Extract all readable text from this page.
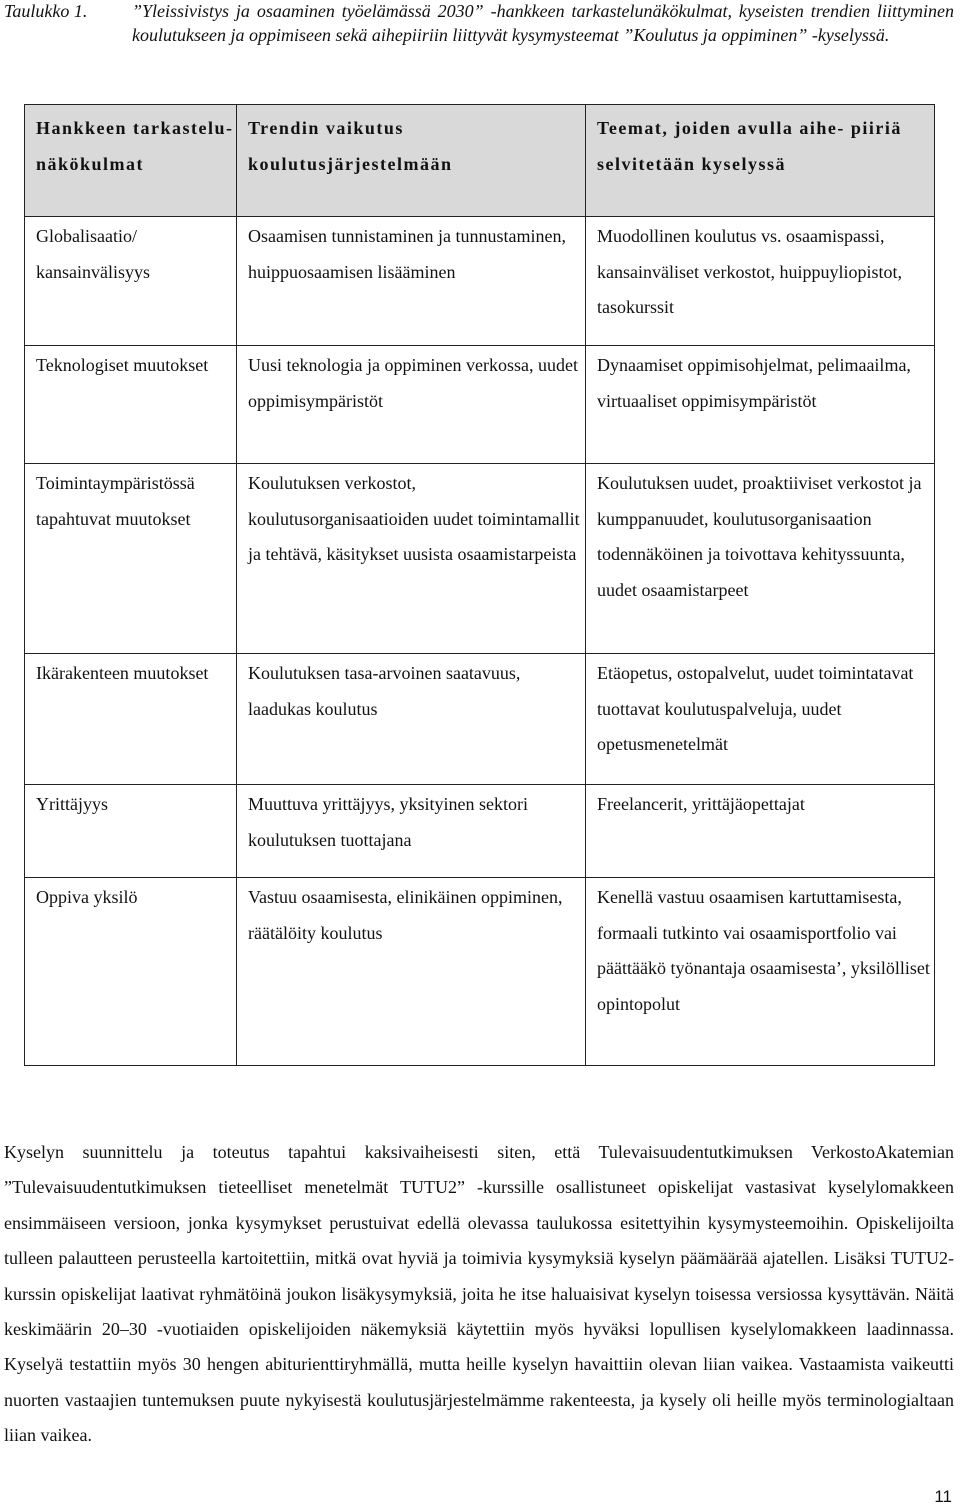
Taulukko 1. ”Yleissivistys ja osaaminen työelämässä 2030” -hankkeen tarkastelunäkökulmat, kyseisten trendien liittyminen koulutukseen ja oppimiseen sekä aihepiiriin liittyvät kysymysteemat ”Koulutus ja oppiminen” -kyselyssä.
Hankkeen tarkastelu- näkökulmat	Trendin vaikutus koulutusjärjestelmään	Teemat, joiden avulla aihe- piiriä selvitetään kyselyssä
Globalisaatio/ kansainvälisyys	Osaamisen tunnistaminen ja tunnustaminen, huippuosaamisen lisääminen	Muodollinen koulutus vs. osaamispassi, kansainväliset verkostot, huippuyliopistot, tasokurssit
Teknologiset muutokset	Uusi teknologia ja oppiminen verkossa, uudet oppimisympäristöt	Dynaamiset oppimisohjelmat, pelimaailma, virtuaaliset oppimisympäristöt
Toimintaympäristössä tapahtuvat muutokset	Koulutuksen verkostot, koulutusorganisaatioiden uudet toimintamallit ja tehtävä, käsitykset uusista osaamistarpeista	Koulutuksen uudet, proaktiiviset verkostot ja kumppanuudet, koulutusorganisaation todennäköinen ja toivottava kehityssuunta, uudet osaamistarpeet
Ikärakenteen muutokset	Koulutuksen tasa-arvoinen saatavuus, laadukas koulutus	Etäopetus, ostopalvelut, uudet toimintatavat tuottavat koulutuspalveluja, uudet opetusmenetelmät
Yrittäjyys	Muuttuva yrittäjyys, yksityinen sektori koulutuksen tuottajana	Freelancerit, yrittäjäopettajat
Oppiva yksilö	Vastuu osaamisesta, elinikäinen oppiminen, räätälöity koulutus	Kenellä vastuu osaamisen kartuttamisesta, formaali tutkinto vai osaamisportfolio vai päättääkö työnantaja osaamisesta’, yksilölliset opintopolut

Kyselyn suunnittelu ja toteutus tapahtui kaksivaiheisesti siten, että Tulevaisuudentutkimuksen VerkostoAkatemian ”Tulevaisuudentutkimuksen tieteelliset menetelmät TUTU2” -kurssille osallistuneet opiskelijat vastasivat kyselylomakkeen ensimmäiseen versioon, jonka kysymykset perustuivat edellä olevassa taulukossa esitettyihin kysymysteemoihin. Opiskelijoilta tulleen palautteen perusteella kartoitettiin, mitkä ovat hyviä ja toimivia kysymyksiä kyselyn päämäärää ajatellen. Lisäksi TUTU2-kurssin opiskelijat laativat ryhmätöinä joukon lisäkysymyksiä, joita he itse haluaisivat kyselyn toisessa versiossa kysyttävän. Näitä keskimäärin 20–30 -vuotiaiden opiskelijoiden näkemyksiä käytettiin myös hyväksi lopullisen kyselylomakkeen laadinnassa. Kyselyä testattiin myös 30 hengen abiturienttiryhmällä, mutta heille kyselyn havaittiin olevan liian vaikea. Vastaamista vaikeutti nuorten vastaajien tuntemuksen puute nykyisestä koulutusjärjestelmämme rakenteesta, ja kysely oli heille myös terminologialtaan liian vaikea.

11
